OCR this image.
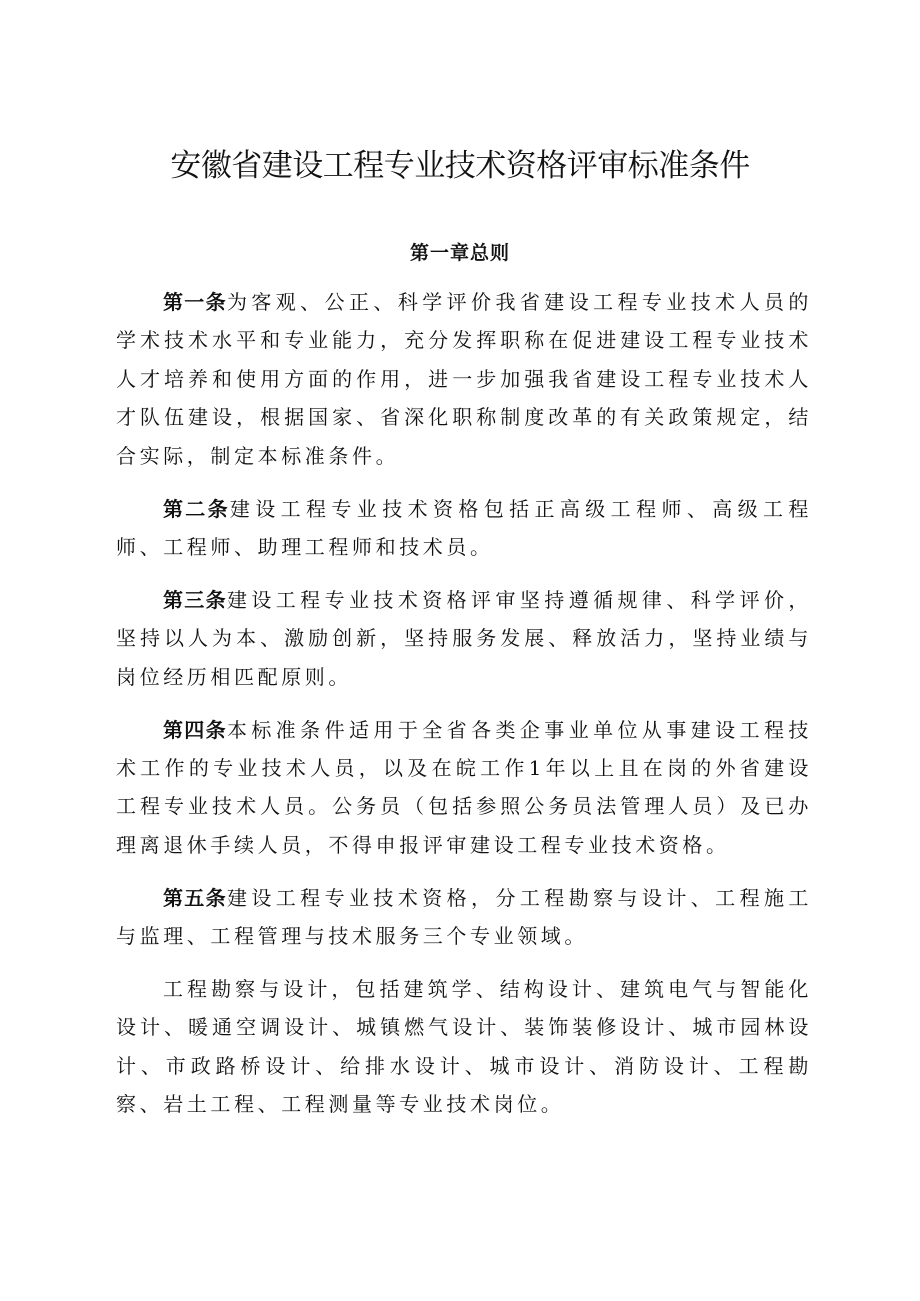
安徽省建设工程专业技术资格评审标准条件
第一章总则

第一条为客观、公正、科学评价我省建设工程专业技术人员的学术技术水平和专业能力，充分发挥职称在促进建设工程专业技术人才培养和使用方面的作用，进一步加强我省建设工程专业技术人才队伍建设，根据国家、省深化职称制度改革的有关政策规定，结合实际，制定本标准条件。

第二条建设工程专业技术资格包括正高级工程师、高级工程师、工程师、助理工程师和技术员。

第三条建设工程专业技术资格评审坚持遵循规律、科学评价，坚持以人为本、激励创新，坚持服务发展、释放活力，坚持业绩与岗位经历相匹配原则。

第四条本标准条件适用于全省各类企事业单位从事建设工程技术工作的专业技术人员，以及在皖工作1年以上且在岗的外省建设工程专业技术人员。公务员（包括参照公务员法管理人员）及已办理离退休手续人员，不得申报评审建设工程专业技术资格。

第五条建设工程专业技术资格，分工程勘察与设计、工程施工与监理、工程管理与技术服务三个专业领域。

工程勘察与设计，包括建筑学、结构设计、建筑电气与智能化设计、暖通空调设计、城镇燃气设计、装饰装修设计、城市园林设计、市政路桥设计、给排水设计、城市设计、消防设计、工程勘察、岩土工程、工程测量等专业技术岗位。
